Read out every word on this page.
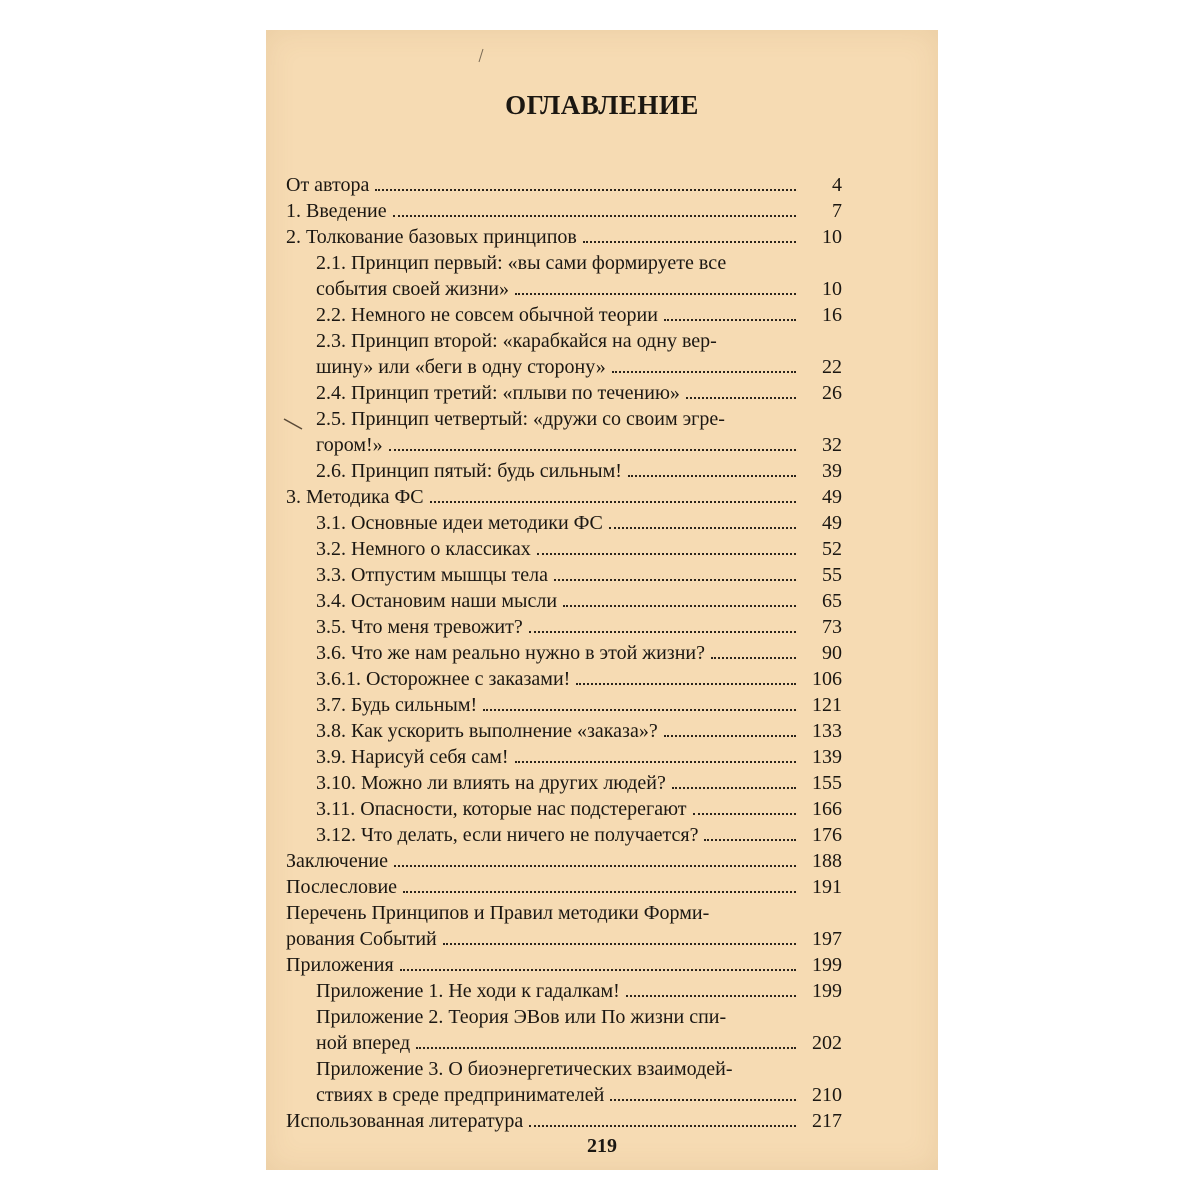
ОГЛАВЛЕНИЕ
От автора	4
1. Введение	7
2. Толкование базовых принципов	10
2.1. Принцип первый: «вы сами формируете все
события своей жизни»	10
2.2. Немного не совсем обычной теории	16
2.3. Принцип второй: «карабкайся на одну вер-
шину» или «беги в одну сторону»	22
2.4. Принцип третий: «плыви по течению»	26
2.5. Принцип четвертый: «дружи со своим эгре-
гором!»	32
2.6. Принцип пятый: будь сильным!	39
3. Методика ФС	49
3.1. Основные идеи методики ФС	49
3.2. Немного о классиках	52
3.3. Отпустим мышцы тела	55
3.4. Остановим наши мысли	65
3.5. Что меня тревожит?	73
3.6. Что же нам реально нужно в этой жизни?	90
3.6.1. Осторожнее с заказами!	106
3.7. Будь сильным!	121
3.8. Как ускорить выполнение «заказа»?	133
3.9. Нарисуй себя сам!	139
3.10. Можно ли влиять на других людей?	155
3.11. Опасности, которые нас подстерегают	166
3.12. Что делать, если ничего не получается?	176
Заключение	188
Послесловие	191
Перечень Принципов и Правил методики Форми-
рования Событий	197
Приложения	199
Приложение 1. Не ходи к гадалкам!	199
Приложение 2. Теория ЭВов или По жизни спи-
ной вперед	202
Приложение 3. О биоэнергетических взаимодей-
ствиях в среде предпринимателей	210
Использованная литература	217
219
